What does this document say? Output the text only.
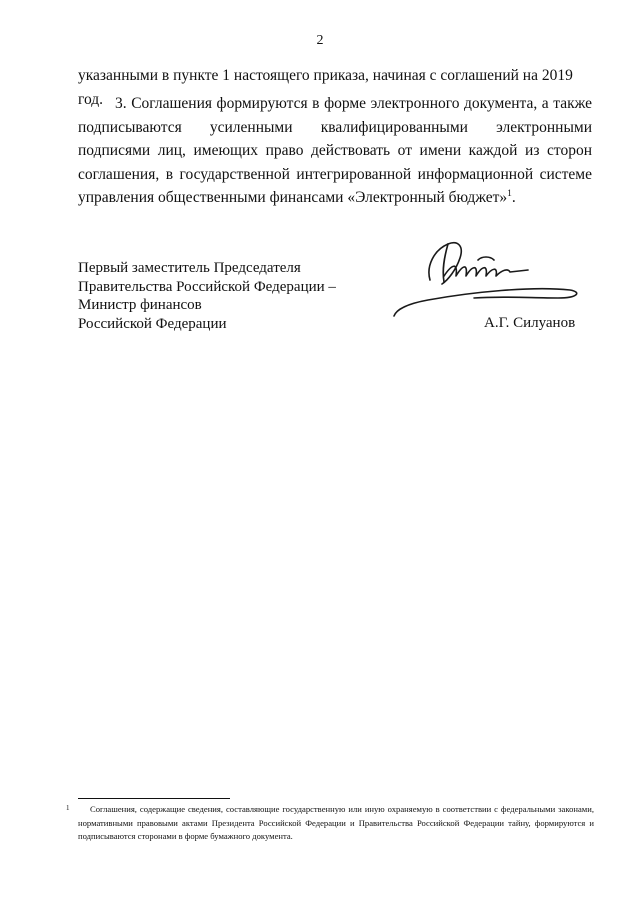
2

указанными в пункте 1 настоящего приказа, начиная с соглашений на 2019 год. 3. Соглашения формируются в форме электронного документа, а также подписываются усиленными квалифицированными электронными подписями лиц, имеющих право действовать от имени каждой из сторон соглашения, в государственной интегрированной информационной системе управления общественными финансами «Электронный бюджет»$^1$.

Первый заместитель Председателя
Правительства Российской Федерации –
Министр финансов
Российской Федерации	А.Г. Силуанов

1 Соглашения, содержащие сведения, составляющие государственную или иную охраняемую в соответствии с федеральными законами, нормативными правовыми актами Президента Российской Федерации и Правительства Российской Федерации тайну, формируются и подписываются сторонами в форме бумажного документа.
